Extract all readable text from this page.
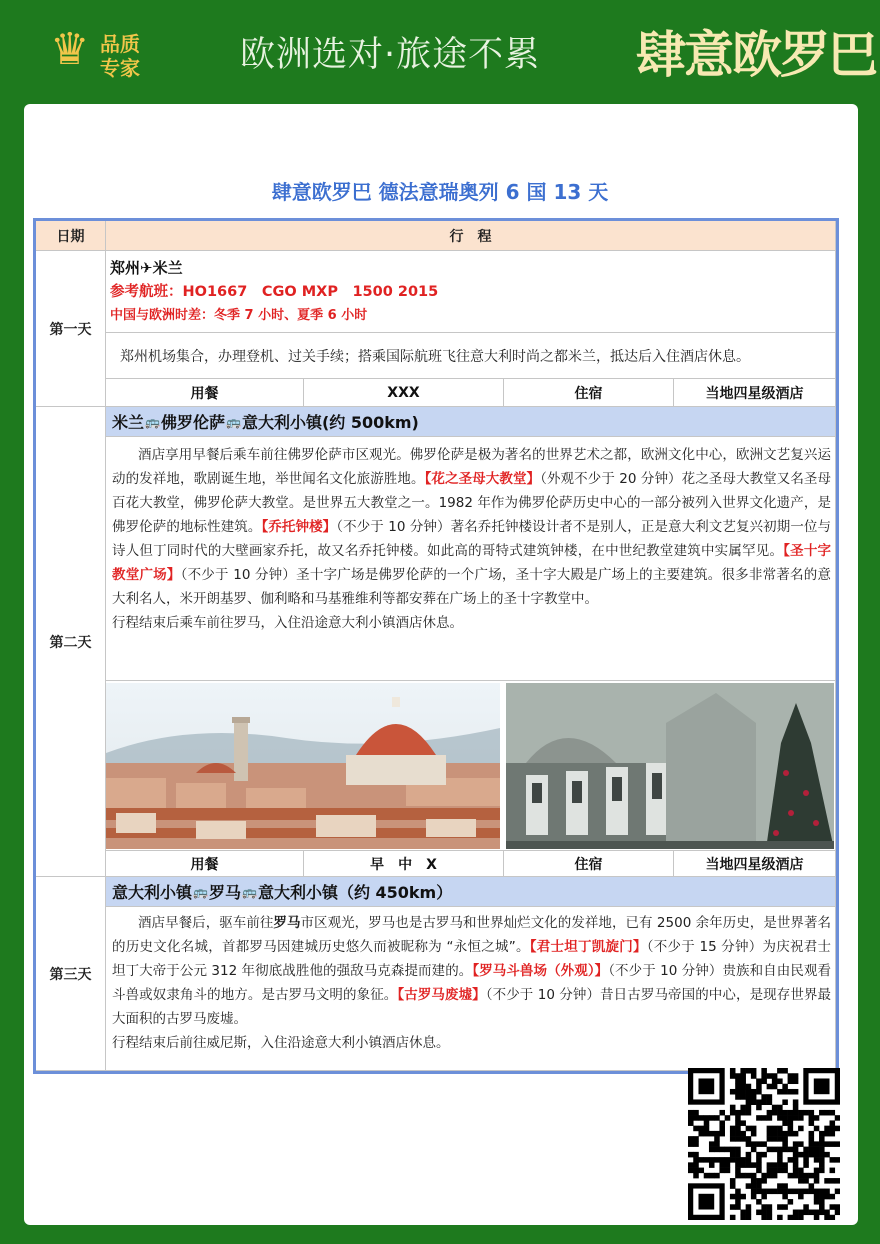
♛ 品质
专家	欧洲选对·旅途不累 肆意欧罗巴
肆意欧罗巴 德法意瑞奥列 6 国 13 天
日期	行　程
第一天
郑州✈米兰
参考航班：HO1667　CGO MXP　1500 2015
中国与欧洲时差：冬季 7 小时、夏季 6 小时
郑州机场集合，办理登机、过关手续；搭乘国际航班飞往意大利时尚之都米兰，抵达后入住酒店休息。
用餐	XXX	住宿	当地四星级酒店
第二天
米兰 🚌 佛罗伦萨 🚌 意大利小镇(约 500km)
酒店享用早餐后乘车前往佛罗伦萨市区观光。佛罗伦萨是极为著名的世界艺术之都，欧洲文化中心，欧洲文艺复兴运动的发祥地，歌剧诞生地，举世闻名文化旅游胜地。【花之圣母大教堂】（外观不少于 20 分钟）花之圣母大教堂又名圣母百花大教堂，佛罗伦萨大教堂。是世界五大教堂之一。1982 年作为佛罗伦萨历史中心的一部分被列入世界文化遗产，是佛罗伦萨的地标性建筑。【乔托钟楼】（不少于 10 分钟）著名乔托钟楼设计者不是别人，正是意大利文艺复兴初期一位与诗人但丁同时代的大壁画家乔托，故又名乔托钟楼。如此高的哥特式建筑钟楼，在中世纪教堂建筑中实属罕见。【圣十字教堂广场】（不少于 10 分钟）圣十字广场是佛罗伦萨的一个广场，圣十字大殿是广场上的主要建筑。很多非常著名的意大利名人，米开朗基罗、伽利略和马基雅维利等都安葬在广场上的圣十字教堂中。
行程结束后乘车前往罗马，入住沿途意大利小镇酒店休息。
用餐	早　中　X	住宿	当地四星级酒店
第三天
意大利小镇 🚌 罗马 🚌 意大利小镇（约 450km）
酒店早餐后，驱车前往罗马市区观光，罗马也是古罗马和世界灿烂文化的发祥地，已有 2500 余年历史，是世界著名的历史文化名城，首都罗马因建城历史悠久而被昵称为 “永恒之城”。【君士坦丁凯旋门】（不少于 15 分钟）为庆祝君士坦丁大帝于公元 312 年彻底战胜他的强敌马克森提而建的。【罗马斗兽场（外观）】（不少于 10 分钟）贵族和自由民观看斗兽或奴隶角斗的地方。是古罗马文明的象征。【古罗马废墟】（不少于 10 分钟）昔日古罗马帝国的中心，是现存世界最大面积的古罗马废墟。
行程结束后前往威尼斯，入住沿途意大利小镇酒店休息。
